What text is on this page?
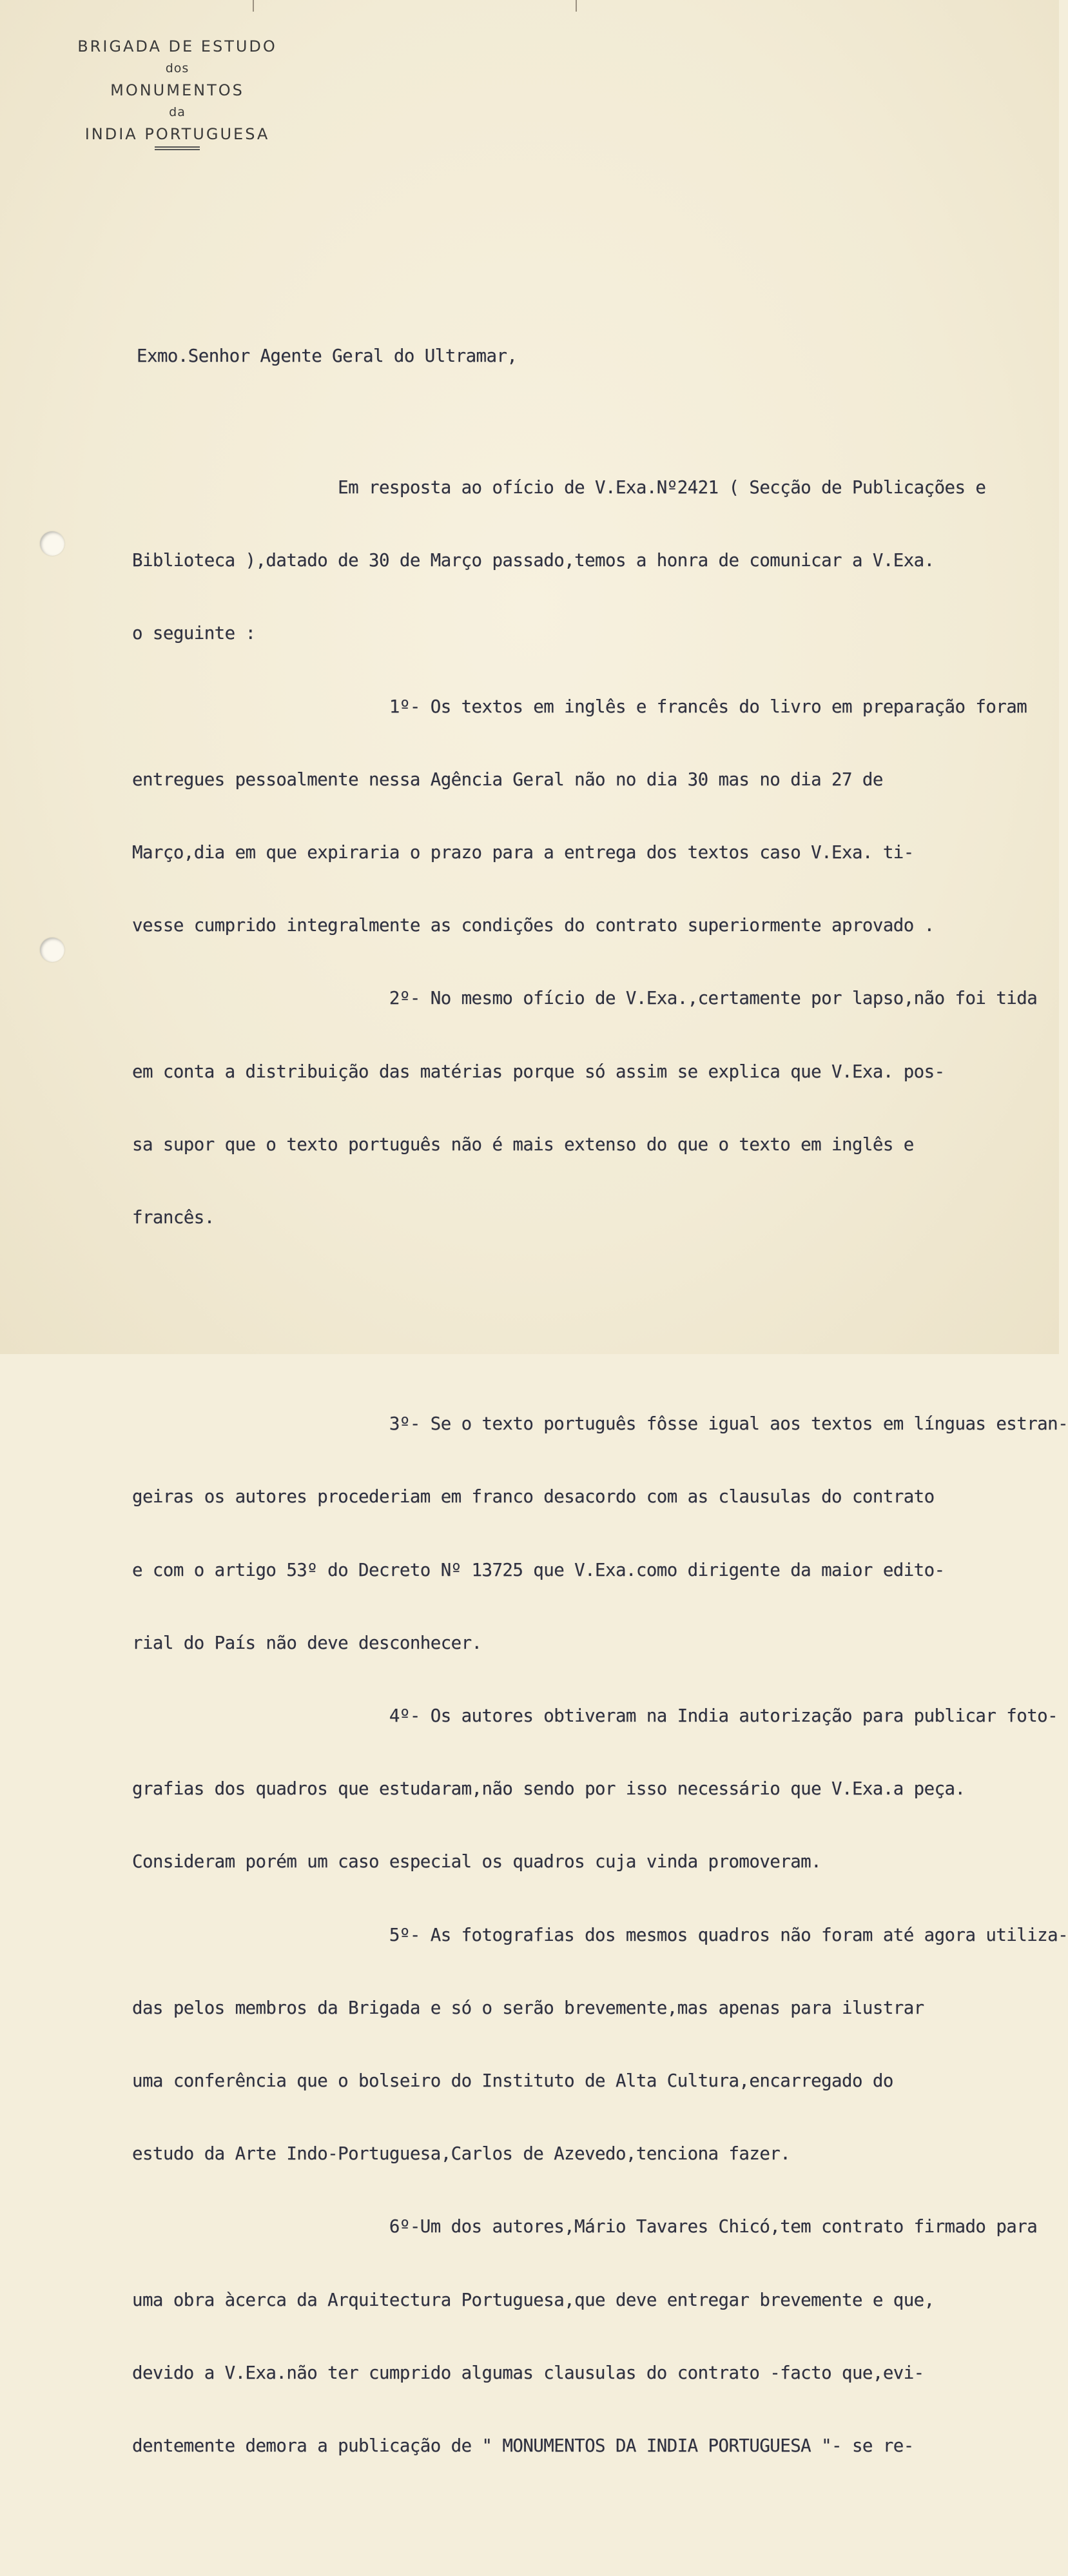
BRIGADA DE ESTUDO
dos
MONUMENTOS
da
INDIA PORTUGUESA
Exmo.Senhor Agente Geral do Ultramar,

Em resposta ao ofício de V.Exa.Nº2421 ( Secção de Publicações e

Biblioteca ),datado de 30 de Março passado,temos a honra de comunicar a V.Exa.

o seguinte :

1º- Os textos em inglês e francês do livro em preparação foram

entregues pessoalmente nessa Agência Geral não no dia 30 mas no dia 27 de

Março,dia em que expiraria o prazo para a entrega dos textos caso V.Exa. ti-

vesse cumprido integralmente as condições do contrato superiormente aprovado .

2º- No mesmo ofício de V.Exa.,certamente por lapso,não foi tida

em conta a distribuição das matérias porque só assim se explica que V.Exa. pos-

sa supor que o texto português não é mais extenso do que o texto em inglês e

francês.

3º- Se o texto português fôsse igual aos textos em línguas estran-

geiras os autores procederiam em franco desacordo com as clausulas do contrato

e com o artigo 53º do Decreto Nº 13725 que V.Exa.como dirigente da maior edito-

rial do País não deve desconhecer.

4º- Os autores obtiveram na India autorização para publicar foto-

grafias dos quadros que estudaram,não sendo por isso necessário que V.Exa.a peça.

Consideram porém um caso especial os quadros cuja vinda promoveram.

5º- As fotografias dos mesmos quadros não foram até agora utiliza-

das pelos membros da Brigada e só o serão brevemente,mas apenas para ilustrar

uma conferência que o bolseiro do Instituto de Alta Cultura,encarregado do

estudo da Arte Indo-Portuguesa,Carlos de Azevedo,tenciona fazer.

6º-Um dos autores,Mário Tavares Chicó,tem contrato firmado para

uma obra àcerca da Arquitectura Portuguesa,que deve entregar brevemente e que,

devido a V.Exa.não ter cumprido algumas clausulas do contrato -facto que,evi-

dentemente demora a publicação de " MONUMENTOS DA INDIA PORTUGUESA "- se re-
